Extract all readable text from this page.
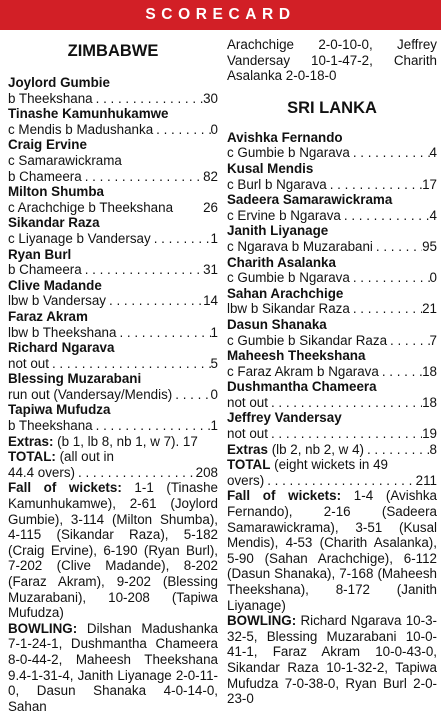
SCORECARD
ZIMBABWE
Joylord Gumbie
b Theekshana . . .	30
Tinashe Kamunhukamwe
c Mendis b Madushanka . . .	0
Craig Ervine
c Samarawickrama
b Chameera . . .	82
Milton Shumba
c Arachchige b Theekshana 26
Sikandar Raza
c Liyanage b Vandersay . . .	1
Ryan Burl
b Chameera . . .	31
Clive Madande
lbw b Vandersay . . .	14
Faraz Akram
lbw b Theekshana . . .	1
Richard Ngarava
not out . . .	5
Blessing Muzarabani
run out (Vandersay/Mendis) . . .	0
Tapiwa Mufudza
b Theekshana . . .	1
Extras: (b 1, lb 8, nb 1, w 7). 17
TOTAL: (all out in
44.4 overs) . . .	208
Fall of wickets: 1-1 (Tinashe Kamunhukamwe), 2-61 (Joylord Gumbie), 3-114 (Milton Shumba), 4-115 (Sikandar Raza), 5-182 (Craig Ervine), 6-190 (Ryan Burl), 7-202 (Clive Madande), 8-202 (Faraz Akram), 9-202 (Blessing Muzarabani), 10-208 (Tapiwa Mufudza)
BOWLING: Dilshan Madushanka 7-1-24-1, Dushmantha Chameera 8-0-44-2, Maheesh Theekshana 9.4-1-31-4, Janith Liyanage 2-0-11-0, Dasun Shanaka 4-0-14-0, Sahan
Arachchige 2-0-10-0, Jeffrey Vandersay 10-1-47-2, Charith Asalanka 2-0-18-0
SRI LANKA
Avishka Fernando
c Gumbie b Ngarava . . .	4
Kusal Mendis
c Burl b Ngarava . . .	17
Sadeera Samarawickrama
c Ervine b Ngarava . . .	4
Janith Liyanage
c Ngarava b Muzarabani . . .	95
Charith Asalanka
c Gumbie b Ngarava . . .	0
Sahan Arachchige
lbw b Sikandar Raza . . .	21
Dasun Shanaka
c Gumbie b Sikandar Raza . . .	7
Maheesh Theekshana
c Faraz Akram b Ngarava . . .	18
Dushmantha Chameera
not out . . .	18
Jeffrey Vandersay
not out . . .	19
Extras (lb 2, nb 2, w 4) . . .	8
TOTAL (eight wickets in 49
overs) . . .	211
Fall of wickets: 1-4 (Avishka Fernando), 2-16 (Sadeera Samarawickrama), 3-51 (Kusal Mendis), 4-53 (Charith Asalanka), 5-90 (Sahan Arachchige), 6-112 (Dasun Shanaka), 7-168 (Maheesh Theekshana), 8-172 (Janith Liyanage)
BOWLING: Richard Ngarava 10-3-32-5, Blessing Muzarabani 10-0-41-1, Faraz Akram 10-0-43-0, Sikandar Raza 10-1-32-2, Tapiwa Mufudza 7-0-38-0, Ryan Burl 2-0-23-0
